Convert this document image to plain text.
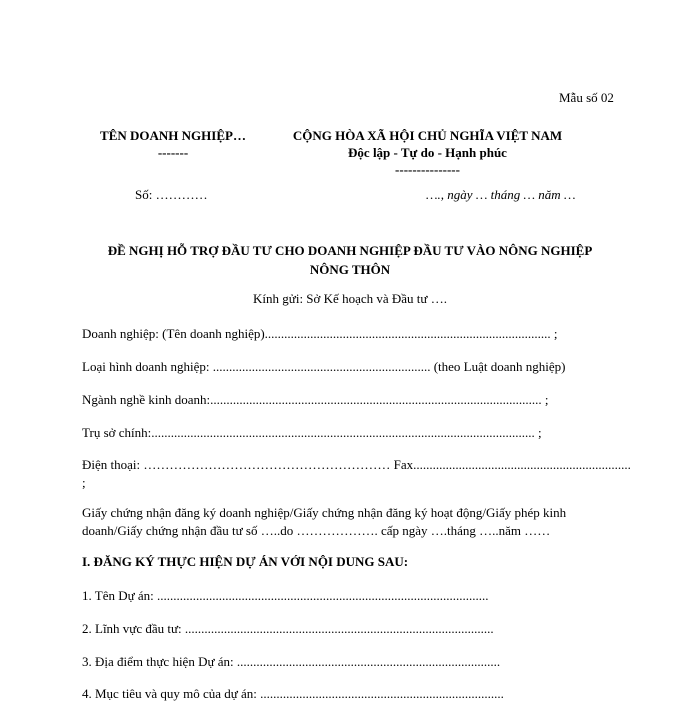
Mẫu số 02
TÊN DOANH NGHIỆP…
-------
CỘNG HÒA XÃ HỘI CHỦ NGHĨA VIỆT NAM
Độc lập - Tự do - Hạnh phúc
---------------
Số: …………	…., ngày … tháng … năm …
ĐỀ NGHỊ HỖ TRỢ ĐẦU TƯ CHO DOANH NGHIỆP ĐẦU TƯ VÀO NÔNG NGHIỆP
NÔNG THÔN
Kính gửi: Sở Kế hoạch và Đầu tư ….
Doanh nghiệp: (Tên doanh nghiệp)........................................................................................ ;
Loại hình doanh nghiệp: ................................................................... (theo Luật doanh nghiệp)
Ngành nghề kinh doanh:...................................................................................................... ;
Trụ sở chính:...................................................................................................................... ;
Điện thoại: ………………………………………………… Fax...................................................................
;
Giấy chứng nhận đăng ký doanh nghiệp/Giấy chứng nhận đăng ký hoạt động/Giấy phép kinh doanh/Giấy chứng nhận đầu tư số …..do ………………. cấp ngày ….tháng …..năm ……
I. ĐĂNG KÝ THỰC HIỆN DỰ ÁN VỚI NỘI DUNG SAU:
1. Tên Dự án: ......................................................................................................
2. Lĩnh vực đầu tư: ...............................................................................................
3. Địa điểm thực hiện Dự án: .................................................................................
4. Mục tiêu và quy mô của dự án: ...........................................................................
